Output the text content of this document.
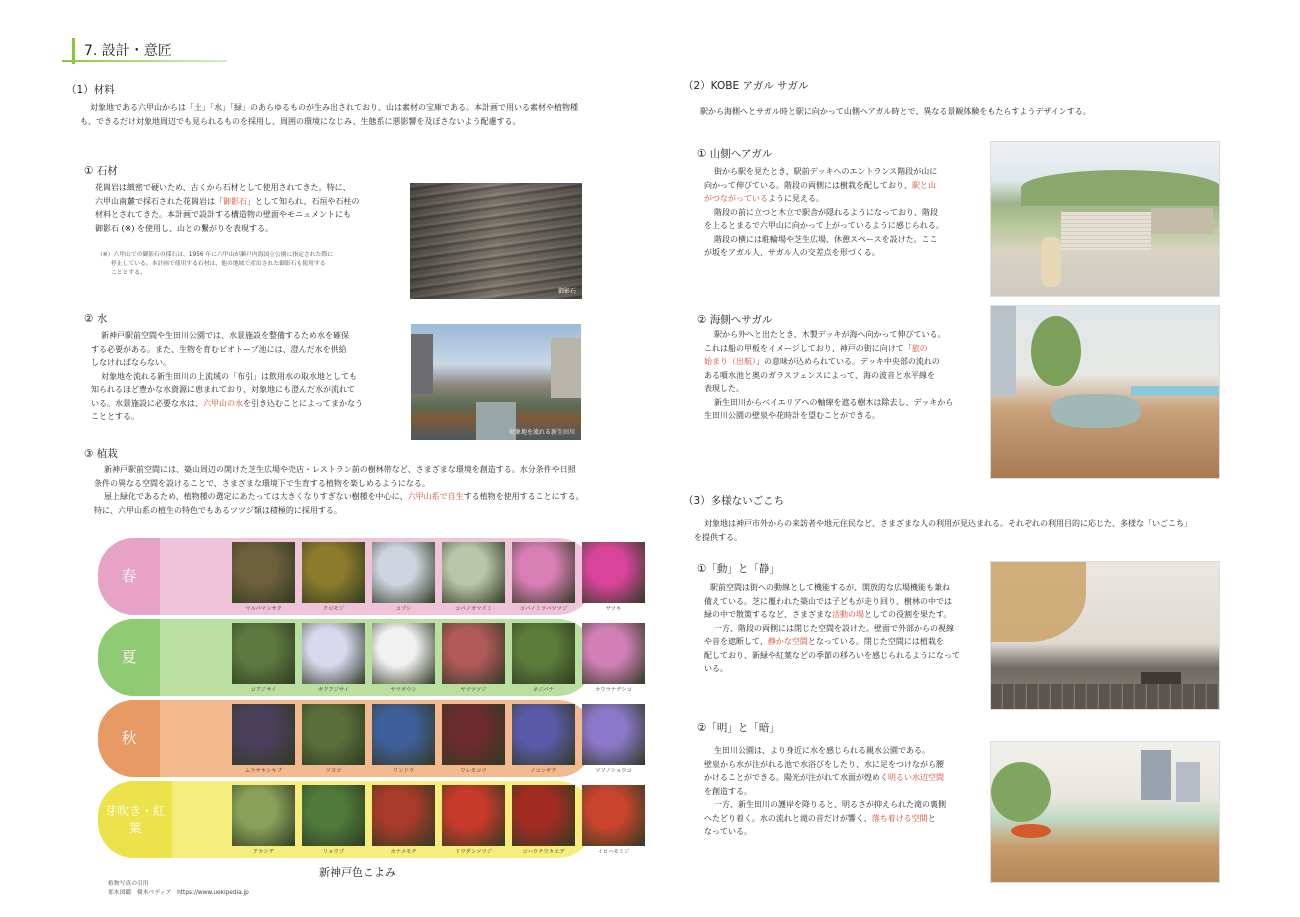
7. 設計・意匠
（1）材料

対象地である六甲山からは「土」「水」「緑」のあらゆるものが生み出されており、山は素材の宝庫である。本計画で用いる素材や植物種

も、できるだけ対象地周辺でも見られるものを採用し、周囲の環境になじみ、生態系に悪影響を及ぼさないよう配慮する。

① 石材

花崗岩は緻密で硬いため、古くから石材として使用されてきた。特に、

六甲山南麓で採石された花崗岩は「御影石」として知られ、石垣や石柱の

材料とされてきた。本計画で設計する構造物の壁面やモニュメントにも

御影石 (※) を使用し、山との繋がりを表現する。

（※）六甲山での御影石の採石は、1956 年に六甲山が瀬戸内海国立公園に指定された際に
停止している。本計画で使用する石材は、他の地域で産出された御影石も使用する
こととする。
御影石
② 水

新神戸駅前空間や生田川公園では、水景施設を整備するため水を確保

する必要がある。また、生物を育むビオトープ池には、澄んだ水を供給

しなければならない。

対象地を流れる新生田川の上流域の「布引」は飲用水の取水地としても

知られるほど豊かな水資源に恵まれており、対象地にも澄んだ水が流れて

いる。水景施設に必要な水は、六甲山の水を引き込むことによってまかなう

こととする。

対象地を流れる新生田川
③ 植栽

新神戸駅前空間には、築山周辺の開けた芝生広場や売店・レストラン前の樹林帯など、さまざまな環境を創造する。水分条件や日照

条件の異なる空間を設けることで、さまざまな環境下で生育する植物を楽しめるようになる。

屋上緑化であるため、植物種の選定にあたっては大きくなりすぎない樹種を中心に、六甲山系で自生する植物を使用することにする。

特に、六甲山系の植生の特色でもあるツツジ類は積極的に採用する。

春
マルバマンサク	クロモジ	コブシ	コバノガマズミ	コバノミツバツツジ	サツキ
夏
コアジサイ	ガクアジサイ	ヤマボウシ	ヤマツツジ	ネジバナ	カワラナデシコ
秋
ムラサキシキブ	ソヨゴ	リンドウ	ワレモコウ	ノコンギク	ツソノショウコ
芽吹き・紅葉
アカシデ	リョウブ	カナメモチ	ドウダンツツジ	コハウチワカエデ	イロハモミジ
新神戸色こよみ
植物写真の引用
那木図鑑　樹木ペディア　https://www.uekipedia.jp
（2）KOBE アガル サガル

駅から海側へとサガル時と駅に向かって山側へアガル時とで、異なる景観体験をもたらすようデザインする。

① 山側へアガル

街から駅を見たとき、駅前デッキへのエントランス階段が山に

向かって伸びている。階段の両側には樹栽を配しており、駅と山

がつながっているように見える。

階段の前に立つと木立で駅舎が隠れるようになっており、階段

を上るとまるで六甲山に向かって上がっているように感じられる。

階段の横には駐輪場や芝生広場、休憩スペースを設けた。ここ

が坂をアガル人、サガル人の交差点を形づくる。

② 海側へサガル

駅から外へと出たとき、木製デッキが海へ向かって伸びている。

これは船の甲板をイメージしており、神戸の街に向けて「旅の

始まり（出航）」の意味が込められている。デッキ中央部の流れの

ある噴水池と奥のガラスフェンスによって、海の波音と水平線を

表現した。

新生田川からベイエリアへの軸線を遮る樹木は除去し、デッキから

生田川公園の壁泉や花時計を望むことができる。

（3）多様ないごこち

対象地は神戸市外からの来訪者や地元住民など、さまざまな人の利用が見込まれる。それぞれの利用目的に応じた、多様な「いごこち」

を提供する。

①「動」と「静」

駅前空間は街への動線として機能するが、開放的な広場機能も兼ね

備えている。芝に覆われた築山では子どもが走り回り、樹林の中では

緑の中で散策するなど、さまざまな活動の場としての役割を果たす。

一方、階段の両側には閉じた空間を設けた。壁面で外部からの視線

や音を遮断して、静かな空間となっている。閉じた空間には植栽を

配しており、新緑や紅葉などの季節の移ろいを感じられるようになって

いる。

②「明」と「暗」

生田川公園は、より身近に水を感じられる親水公園である。

壁泉から水が注がれる池で水浴びをしたり、水に足をつけながら腰

かけることができる。陽光が注がれて水面が煌めく明るい水辺空間

を創造する。

一方、新生田川の護岸を降りると、明るさが抑えられた滝の裏側

へたどり着く。水の流れと滝の音だけが響く、落ち着ける空間と

なっている。
